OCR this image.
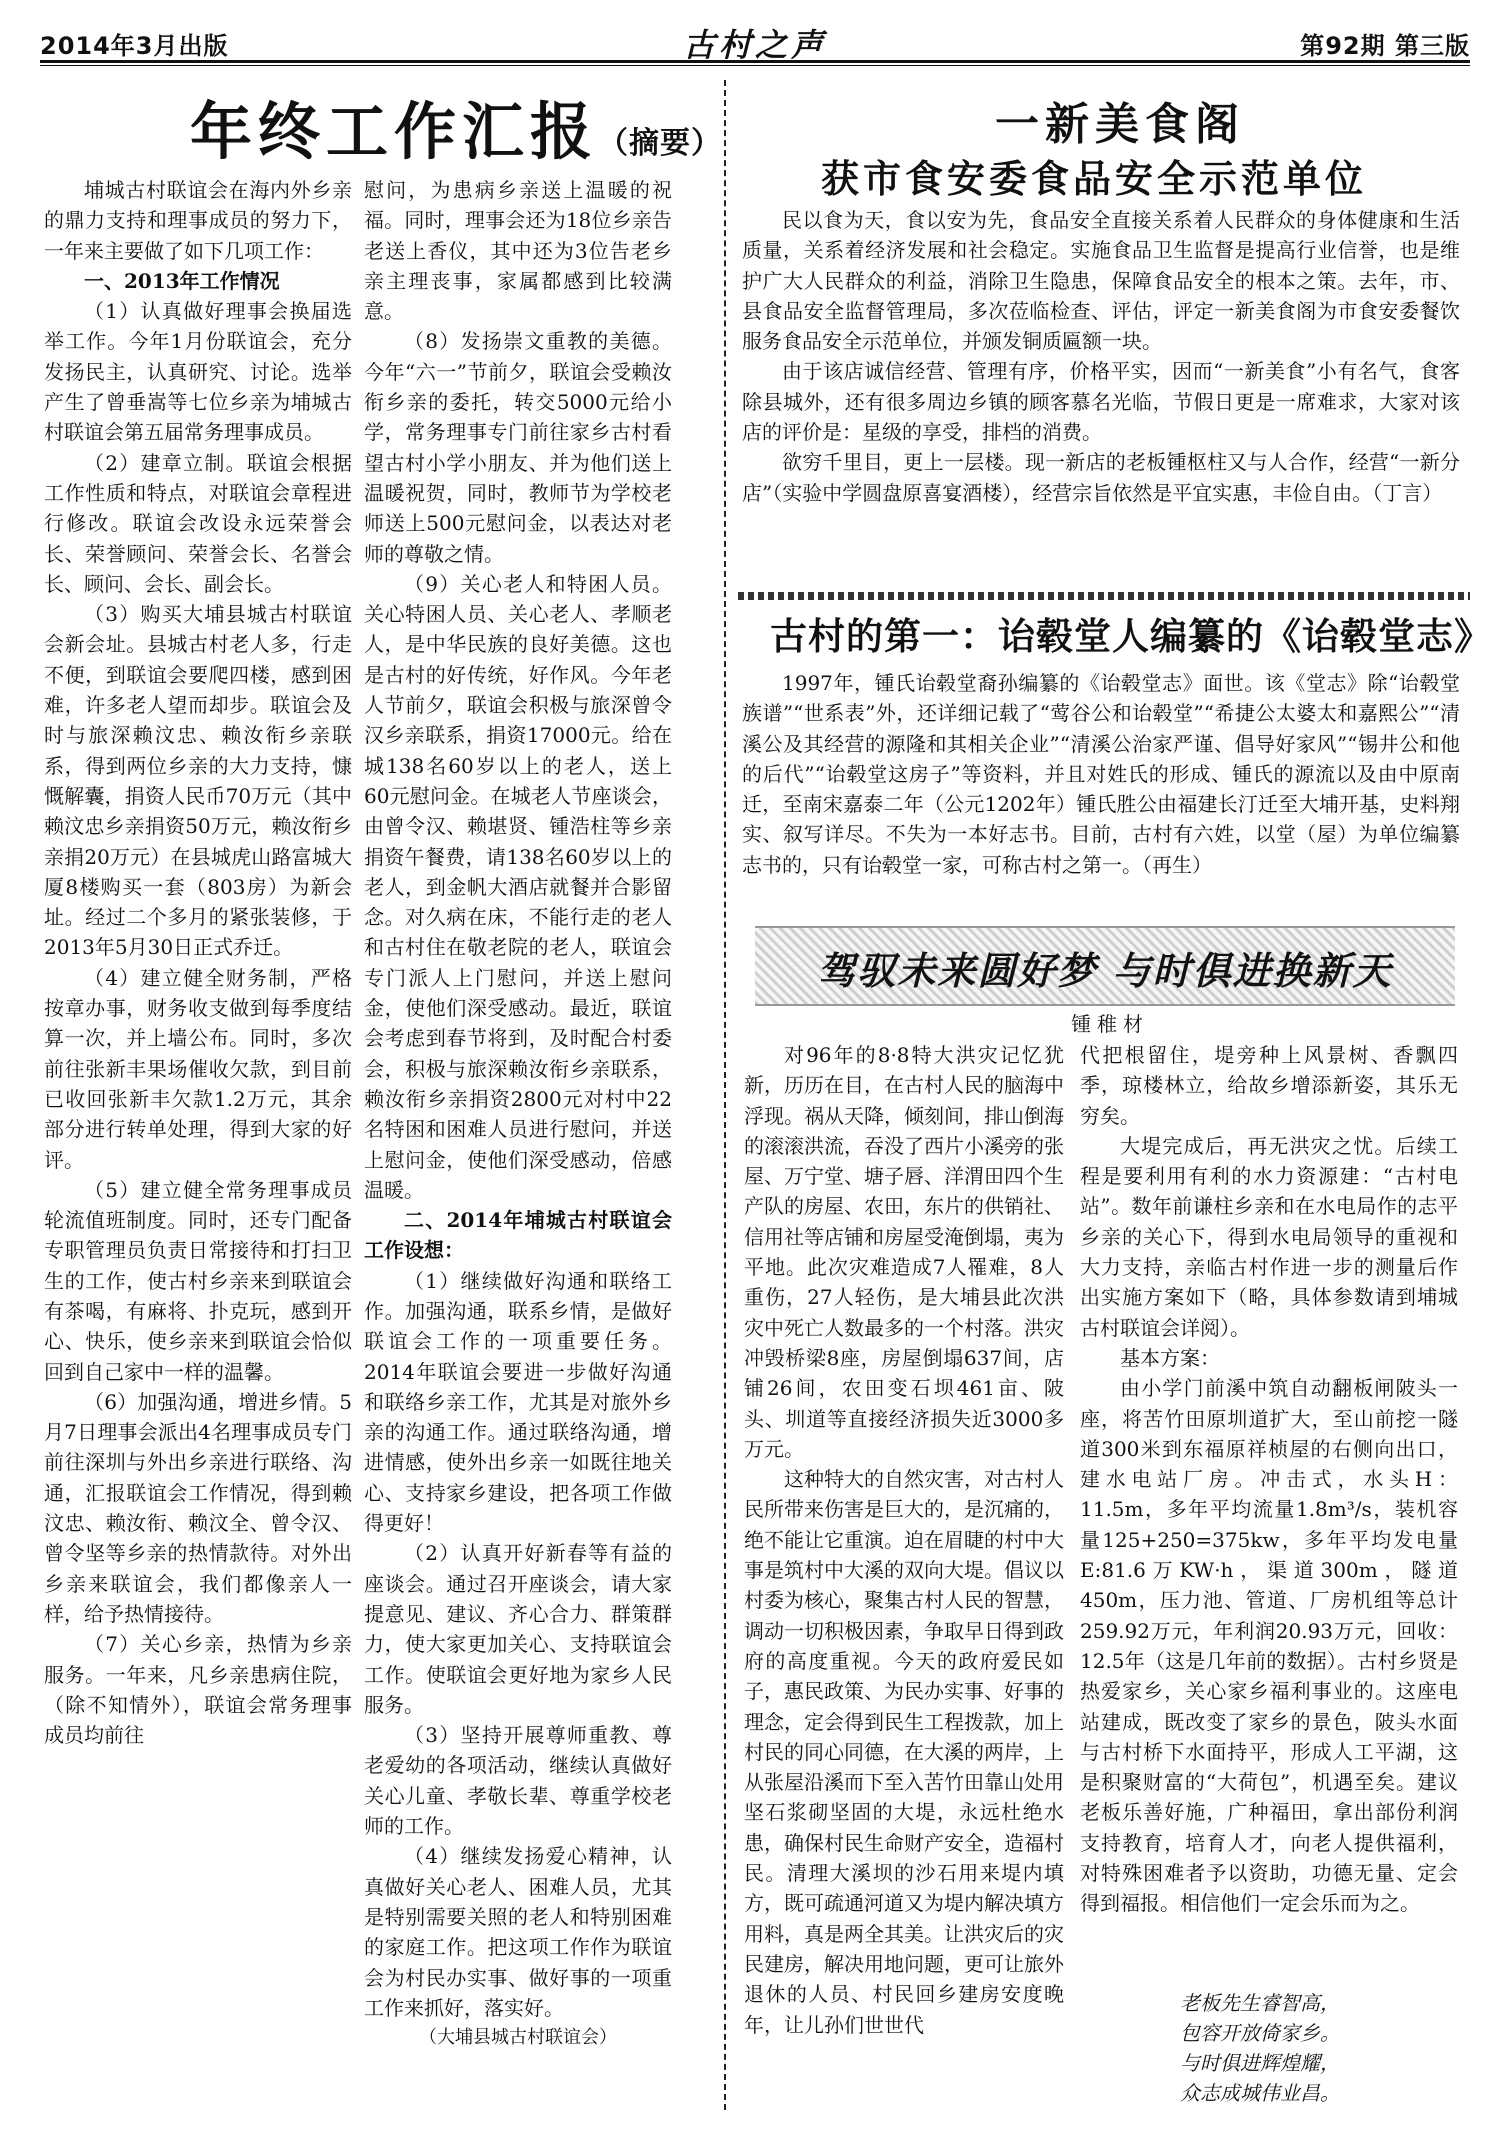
2014年3月出版	古村之声	第92期 第三版
年终工作汇报（摘要）

埔城古村联谊会在海内外乡亲的鼎力支持和理事成员的努力下，一年来主要做了如下几项工作：

一、2013年工作情况

（1）认真做好理事会换届选举工作。今年1月份联谊会，充分发扬民主，认真研究、讨论。选举产生了曾垂嵩等七位乡亲为埔城古村联谊会第五届常务理事成员。

（2）建章立制。联谊会根据工作性质和特点，对联谊会章程进行修改。联谊会改设永远荣誉会长、荣誉顾问、荣誉会长、名誉会长、顾问、会长、副会长。

（3）购买大埔县城古村联谊会新会址。县城古村老人多，行走不便，到联谊会要爬四楼，感到困难，许多老人望而却步。联谊会及时与旅深赖汶忠、赖汝衔乡亲联系，得到两位乡亲的大力支持，慷慨解囊，捐资人民币70万元（其中赖汶忠乡亲捐资50万元，赖汝衔乡亲捐20万元）在县城虎山路富城大厦8楼购买一套（803房）为新会址。经过二个多月的紧张装修，于2013年5月30日正式乔迁。

（4）建立健全财务制，严格按章办事，财务收支做到每季度结算一次，并上墙公布。同时，多次前往张新丰果场催收欠款，到目前已收回张新丰欠款1.2万元，其余部分进行转单处理，得到大家的好评。

（5）建立健全常务理事成员轮流值班制度。同时，还专门配备专职管理员负责日常接待和打扫卫生的工作，使古村乡亲来到联谊会有茶喝，有麻将、扑克玩，感到开心、快乐，使乡亲来到联谊会恰似回到自己家中一样的温馨。

（6）加强沟通，增进乡情。5月7日理事会派出4名理事成员专门前往深圳与外出乡亲进行联络、沟通，汇报联谊会工作情况，得到赖汶忠、赖汝衔、赖汶全、曾令汉、曾令坚等乡亲的热情款待。对外出乡亲来联谊会，我们都像亲人一样，给予热情接待。

（7）关心乡亲，热情为乡亲服务。一年来，凡乡亲患病住院，（除不知情外），联谊会常务理事成员均前往

慰问，为患病乡亲送上温暖的祝福。同时，理事会还为18位乡亲告老送上香仪，其中还为3位告老乡亲主理丧事，家属都感到比较满意。

（8）发扬崇文重教的美德。今年“六一”节前夕，联谊会受赖汝衔乡亲的委托，转交5000元给小学，常务理事专门前往家乡古村看望古村小学小朋友、并为他们送上温暖祝贺，同时，教师节为学校老师送上500元慰问金，以表达对老师的尊敬之情。

（9）关心老人和特困人员。关心特困人员、关心老人、孝顺老人，是中华民族的良好美德。这也是古村的好传统，好作风。今年老人节前夕，联谊会积极与旅深曾令汉乡亲联系，捐资17000元。给在城138名60岁以上的老人，送上60元慰问金。在城老人节座谈会，由曾令汉、赖堪贤、锺浩柱等乡亲捐资午餐费，请138名60岁以上的老人，到金帆大酒店就餐并合影留念。对久病在床，不能行走的老人和古村住在敬老院的老人，联谊会专门派人上门慰问，并送上慰问金，使他们深受感动。最近，联谊会考虑到春节将到，及时配合村委会，积极与旅深赖汝衔乡亲联系，赖汝衔乡亲捐资2800元对村中22名特困和困难人员进行慰问，并送上慰问金，使他们深受感动，倍感温暖。

二、2014年埔城古村联谊会工作设想：

（1）继续做好沟通和联络工作。加强沟通，联系乡情，是做好联谊会工作的一项重要任务。2014年联谊会要进一步做好沟通和联络乡亲工作，尤其是对旅外乡亲的沟通工作。通过联络沟通，增进情感，使外出乡亲一如既往地关心、支持家乡建设，把各项工作做得更好！

（2）认真开好新春等有益的座谈会。通过召开座谈会，请大家提意见、建议、齐心合力、群策群力，使大家更加关心、支持联谊会工作。使联谊会更好地为家乡人民服务。

（3）坚持开展尊师重教、尊老爱幼的各项活动，继续认真做好关心儿童、孝敬长辈、尊重学校老师的工作。

（4）继续发扬爱心精神，认真做好关心老人、困难人员，尤其是特别需要关照的老人和特别困难的家庭工作。把这项工作作为联谊会为村民办实事、做好事的一项重工作来抓好，落实好。

（大埔县城古村联谊会）

一新美食阁
获市食安委食品安全示范单位

民以食为天，食以安为先，食品安全直接关系着人民群众的身体健康和生活质量，关系着经济发展和社会稳定。实施食品卫生监督是提高行业信誉，也是维护广大人民群众的利益，消除卫生隐患，保障食品安全的根本之策。去年，市、县食品安全监督管理局，多次莅临检查、评估，评定一新美食阁为市食安委餐饮服务食品安全示范单位，并颁发铜质匾额一块。

由于该店诚信经营、管理有序，价格平实，因而“一新美食”小有名气，食客除县城外，还有很多周边乡镇的顾客慕名光临，节假日更是一席难求，大家对该店的评价是：星级的享受，排档的消费。

欲穷千里目，更上一层楼。现一新店的老板锺枢柱又与人合作，经营“一新分店”（实验中学圆盘原喜宴酒楼），经营宗旨依然是平宜实惠，丰俭自由。（丁言）

古村的第一：诒毂堂人编纂的《诒毂堂志》

1997年，锺氏诒毂堂裔孙编纂的《诒毂堂志》面世。该《堂志》除“诒毂堂族谱”“世系表”外，还详细记载了“莺谷公和诒毂堂”“希捷公太婆太和嘉熙公”“清溪公及其经营的源隆和其相关企业”“清溪公治家严谨、倡导好家风”“锡井公和他的后代”“诒毂堂这房子”等资料，并且对姓氏的形成、锺氏的源流以及由中原南迁，至南宋嘉泰二年（公元1202年）锺氏胜公由福建长汀迁至大埔开基，史料翔实、叙写详尽。不失为一本好志书。目前，古村有六姓，以堂（屋）为单位编纂志书的，只有诒毂堂一家，可称古村之第一。（再生）

驾驭未来圆好梦 与时俱进换新天
锺稚材

对96年的8·8特大洪灾记忆犹新，历历在目，在古村人民的脑海中浮现。祸从天降，倾刻间，排山倒海的滚滚洪流，吞没了西片小溪旁的张屋、万宁堂、塘子唇、洋渭田四个生产队的房屋、农田，东片的供销社、信用社等店铺和房屋受淹倒塌，夷为平地。此次灾难造成7人罹难，8人重伤，27人轻伤，是大埔县此次洪灾中死亡人数最多的一个村落。洪灾冲毁桥梁8座，房屋倒塌637间，店铺26间，农田变石坝461亩、陂头、圳道等直接经济损失近3000多万元。

这种特大的自然灾害，对古村人民所带来伤害是巨大的，是沉痛的，绝不能让它重演。迫在眉睫的村中大事是筑村中大溪的双向大堤。倡议以村委为核心，聚集古村人民的智慧，调动一切积极因素，争取早日得到政府的高度重视。今天的政府爱民如子，惠民政策、为民办实事、好事的理念，定会得到民生工程拨款，加上村民的同心同德，在大溪的两岸，上从张屋沿溪而下至入苦竹田靠山处用坚石浆砌坚固的大堤，永远杜绝水患，确保村民生命财产安全，造福村民。清理大溪坝的沙石用来堤内填方，既可疏通河道又为堤内解决填方用料，真是两全其美。让洪灾后的灾民建房，解决用地问题，更可让旅外退休的人员、村民回乡建房安度晚年，让儿孙们世世代

代把根留住，堤旁种上风景树、香飘四季，琼楼林立，给故乡增添新姿，其乐无穷矣。

大堤完成后，再无洪灾之忧。后续工程是要利用有利的水力资源建：“古村电站”。数年前谦柱乡亲和在水电局作的志平乡亲的关心下，得到水电局领导的重视和大力支持，亲临古村作进一步的测量后作出实施方案如下（略，具体参数请到埔城古村联谊会详阅）。

基本方案：

由小学门前溪中筑自动翻板闸陂头一座，将苦竹田原圳道扩大，至山前挖一隧道300米到东福原祥桢屋的右侧向出口，建水电站厂房。冲击式，水头H：11.5m，多年平均流量1.8m³/s，装机容量125+250=375kw，多年平均发电量E:81.6万KW·h，渠道300m，隧道450m，压力池、管道、厂房机组等总计259.92万元，年利润20.93万元，回收：12.5年（这是几年前的数据）。古村乡贤是热爱家乡，关心家乡福利事业的。这座电站建成，既改变了家乡的景色，陂头水面与古村桥下水面持平，形成人工平湖，这是积聚财富的“大荷包”，机遇至矣。建议老板乐善好施，广种福田，拿出部份利润支持教育，培育人才，向老人提供福利，对特殊困难者予以资助，功德无量、定会得到福报。相信他们一定会乐而为之。

老板先生睿智高，
包容开放倚家乡。
与时俱进辉煌耀，
众志成城伟业昌。
